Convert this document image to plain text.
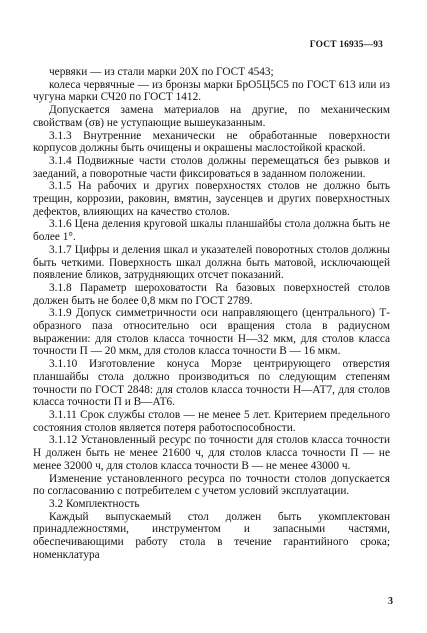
ГОСТ 16935—93

червяки — из стали марки 20Х по ГОСТ 4543;

колеса червячные — из бронзы марки БрО5Ц5С5 по ГОСТ 613 или из чугуна марки СЧ20 по ГОСТ 1412.

Допускается замена материалов на другие, по механическим свойствам (σв) не уступающие вышеуказанным.

3.1.3 Внутренние механически не обработанные поверхности корпусов должны быть очищены и окрашены маслостойкой краской.

3.1.4 Подвижные части столов должны перемещаться без рывков и заеданий, а поворотные части фиксироваться в заданном положении.

3.1.5 На рабочих и других поверхностях столов не должно быть трещин, коррозии, раковин, вмятин, заусенцев и других поверхностных дефектов, влияющих на качество столов.

3.1.6 Цена деления круговой шкалы планшайбы стола должна быть не более 1°.

3.1.7 Цифры и деления шкал и указателей поворотных столов должны быть четкими. Поверхность шкал должна быть матовой, исключающей появление бликов, затрудняющих отсчет показаний.

3.1.8 Параметр шероховатости Ra базовых поверхностей столов должен быть не более 0,8 мкм по ГОСТ 2789.

3.1.9 Допуск симметричности оси направляющего (центрального) Т-образного паза относительно оси вращения стола в радиусном выражении: для столов класса точности Н—32 мкм, для столов класса точности П — 20 мкм, для столов класса точности В — 16 мкм.

3.1.10 Изготовление конуса Морзе центрирующего отверстия планшайбы стола должно производиться по следующим степеням точности по ГОСТ 2848: для столов класса точности Н—АТ7, для столов класса точности П и В—АТ6.

3.1.11 Срок службы столов — не менее 5 лет. Критерием предельного состояния столов является потеря работоспособности.

3.1.12 Установленный ресурс по точности для столов класса точности Н должен быть не менее 21600 ч, для столов класса точности П — не менее 32000 ч, для столов класса точности В — не менее 43000 ч.

Изменение установленного ресурса по точности столов допускается по согласованию с потребителем с учетом условий эксплуатации.

3.2 Комплектность

Каждый выпускаемый стол должен быть укомплектован принадлежностями, инструментом и запасными частями, обеспечивающими работу стола в течение гарантийного срока; номенклатура

3
